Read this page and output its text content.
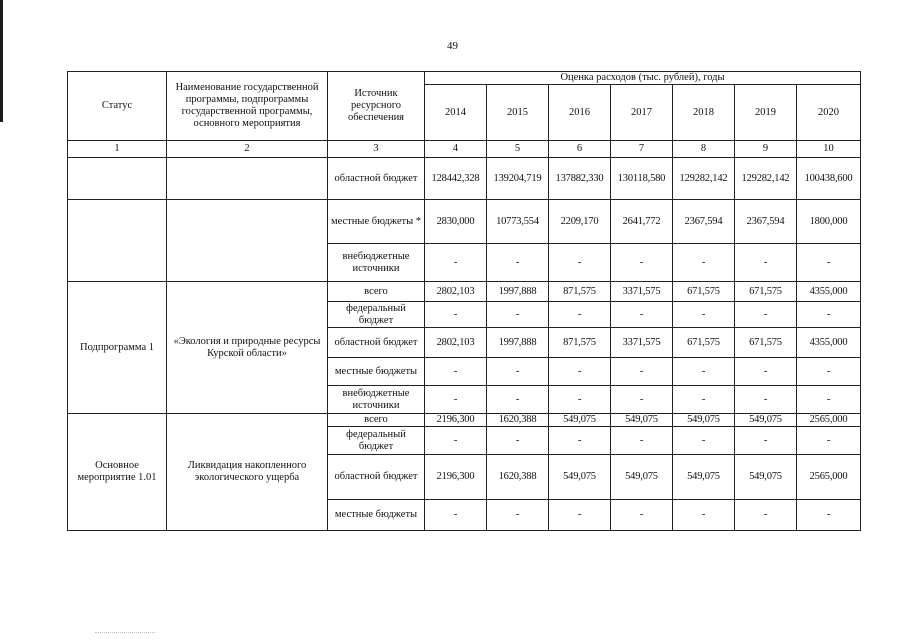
49
Статус	Наименование государственной программы, подпрограммы государственной программы, основного мероприятия	Источник ресурсного обеспечения	Оценка расходов (тыс. рублей), годы						
			2014	2015	2016	2017	2018	2019	2020
1	2	3	4	5	6	7	8	9	10
		областной бюджет	128442,328	139204,719	137882,330	130118,580	129282,142	129282,142	100438,600
		местные бюджеты *	2830,000	10773,554	2209,170	2641,772	2367,594	2367,594	1800,000
		внебюджетные источники	-	-	-	-	-	-	-
Подпрограмма 1	«Экология и природные ресурсы Курской области»	всего	2802,103	1997,888	871,575	3371,575	671,575	671,575	4355,000
		федеральный бюджет	-	-	-	-	-	-	-
		областной бюджет	2802,103	1997,888	871,575	3371,575	671,575	671,575	4355,000
		местные бюджеты	-	-	-	-	-	-	-
		внебюджетные источники	-	-	-	-	-	-	-
Основное мероприятие 1.01	Ликвидация накопленного экологического ущерба	всего	2196,300	1620,388	549,075	549,075	549,075	549,075	2565,000
		федеральный бюджет	-	-	-	-	-	-	-
		областной бюджет	2196,300	1620,388	549,075	549,075	549,075	549,075	2565,000
		местные бюджеты	-	-	-	-	-	-	-
